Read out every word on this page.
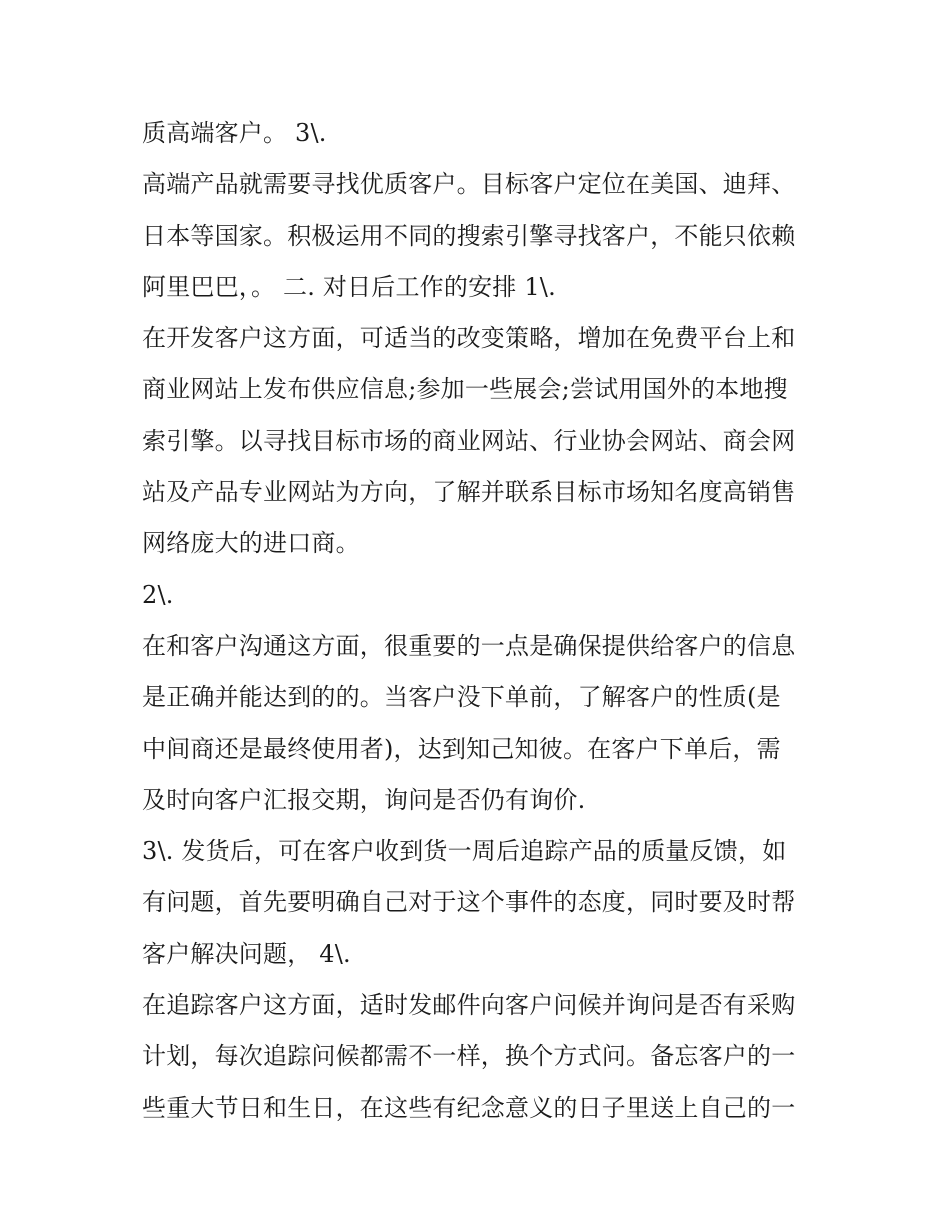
质高端客户。 3\.
高端产品就需要寻找优质客户。目标客户定位在美国、迪拜、
日本等国家。积极运用不同的搜索引擎寻找客户，不能只依赖
阿里巴巴，。 二. 对日后工作的安排 1\.
在开发客户这方面，可适当的改变策略，增加在免费平台上和
商业网站上发布供应信息;参加一些展会;尝试用国外的本地搜
索引擎。以寻找目标市场的商业网站、行业协会网站、商会网
站及产品专业网站为方向，了解并联系目标市场知名度高销售
网络庞大的进口商。
2\.
在和客户沟通这方面，很重要的一点是确保提供给客户的信息
是正确并能达到的的。当客户没下单前，了解客户的性质(是
中间商还是最终使用者)，达到知己知彼。在客户下单后，需
及时向客户汇报交期，询问是否仍有询价.
3\. 发货后，可在客户收到货一周后追踪产品的质量反馈，如
有问题，首先要明确自己对于这个事件的态度，同时要及时帮
客户解决问题， 4\.
在追踪客户这方面，适时发邮件向客户问候并询问是否有采购
计划，每次追踪问候都需不一样，换个方式问。备忘客户的一
些重大节日和生日，在这些有纪念意义的日子里送上自己的一
